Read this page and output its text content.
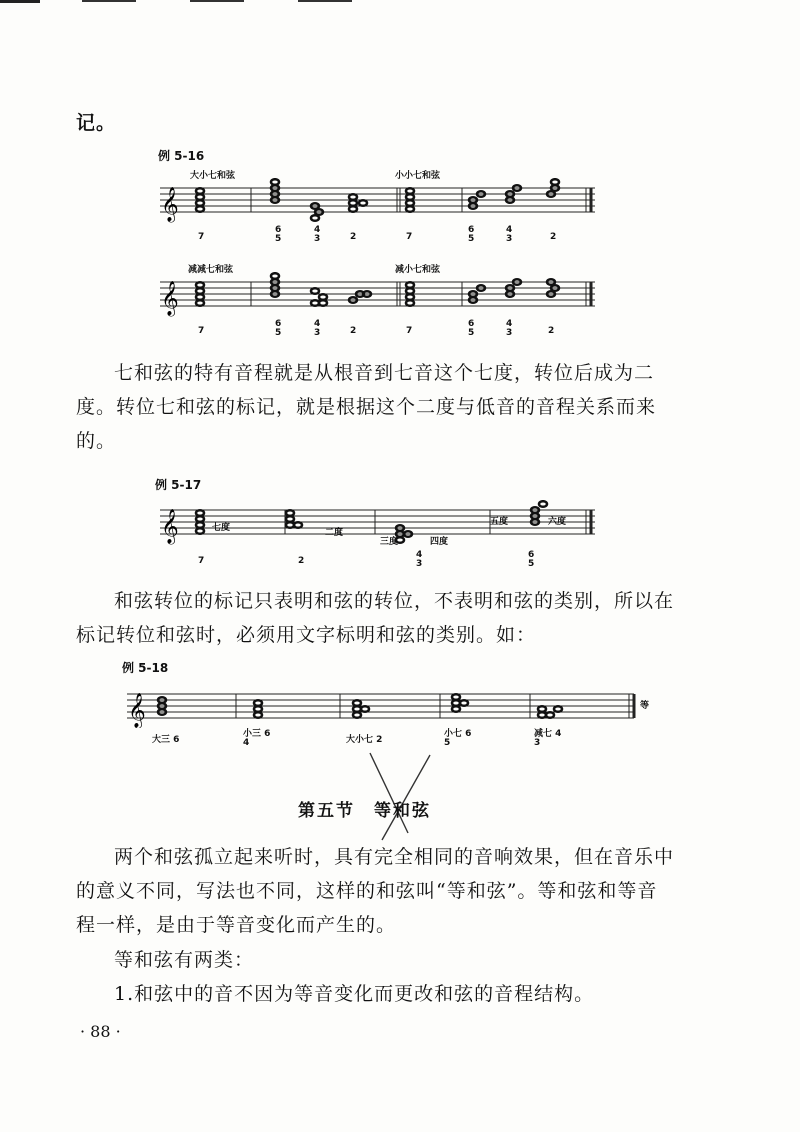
记。
例 5-16
大小七和弦	小小七和弦
𝄞
7
6
5
4
3	2	7
6
5
4
3	2
减减七和弦	减小七和弦
𝄞
7
6
5
4
3	2	7
6
5
4
3	2
七和弦的特有音程就是从根音到七音这个七度，转位后成为二度。转位七和弦的标记，就是根据这个二度与低音的音程关系而来的。
例 5-17
𝄞	七度	二度
三度	四度
五度	六度
7	2
4
3
6
5
和弦转位的标记只表明和弦的转位，不表明和弦的类别，所以在标记转位和弦时，必须用文字标明和弦的类别。如：
例 5-18
𝄞	等
大三 6
小三 6
4	大小七 2
小七 6
5
减七 4
3
第五节　等和弦
两个和弦孤立起来听时，具有完全相同的音响效果，但在音乐中的意义不同，写法也不同，这样的和弦叫“等和弦”。等和弦和等音程一样，是由于等音变化而产生的。
等和弦有两类：
1.和弦中的音不因为等音变化而更改和弦的音程结构。
· 88 ·
